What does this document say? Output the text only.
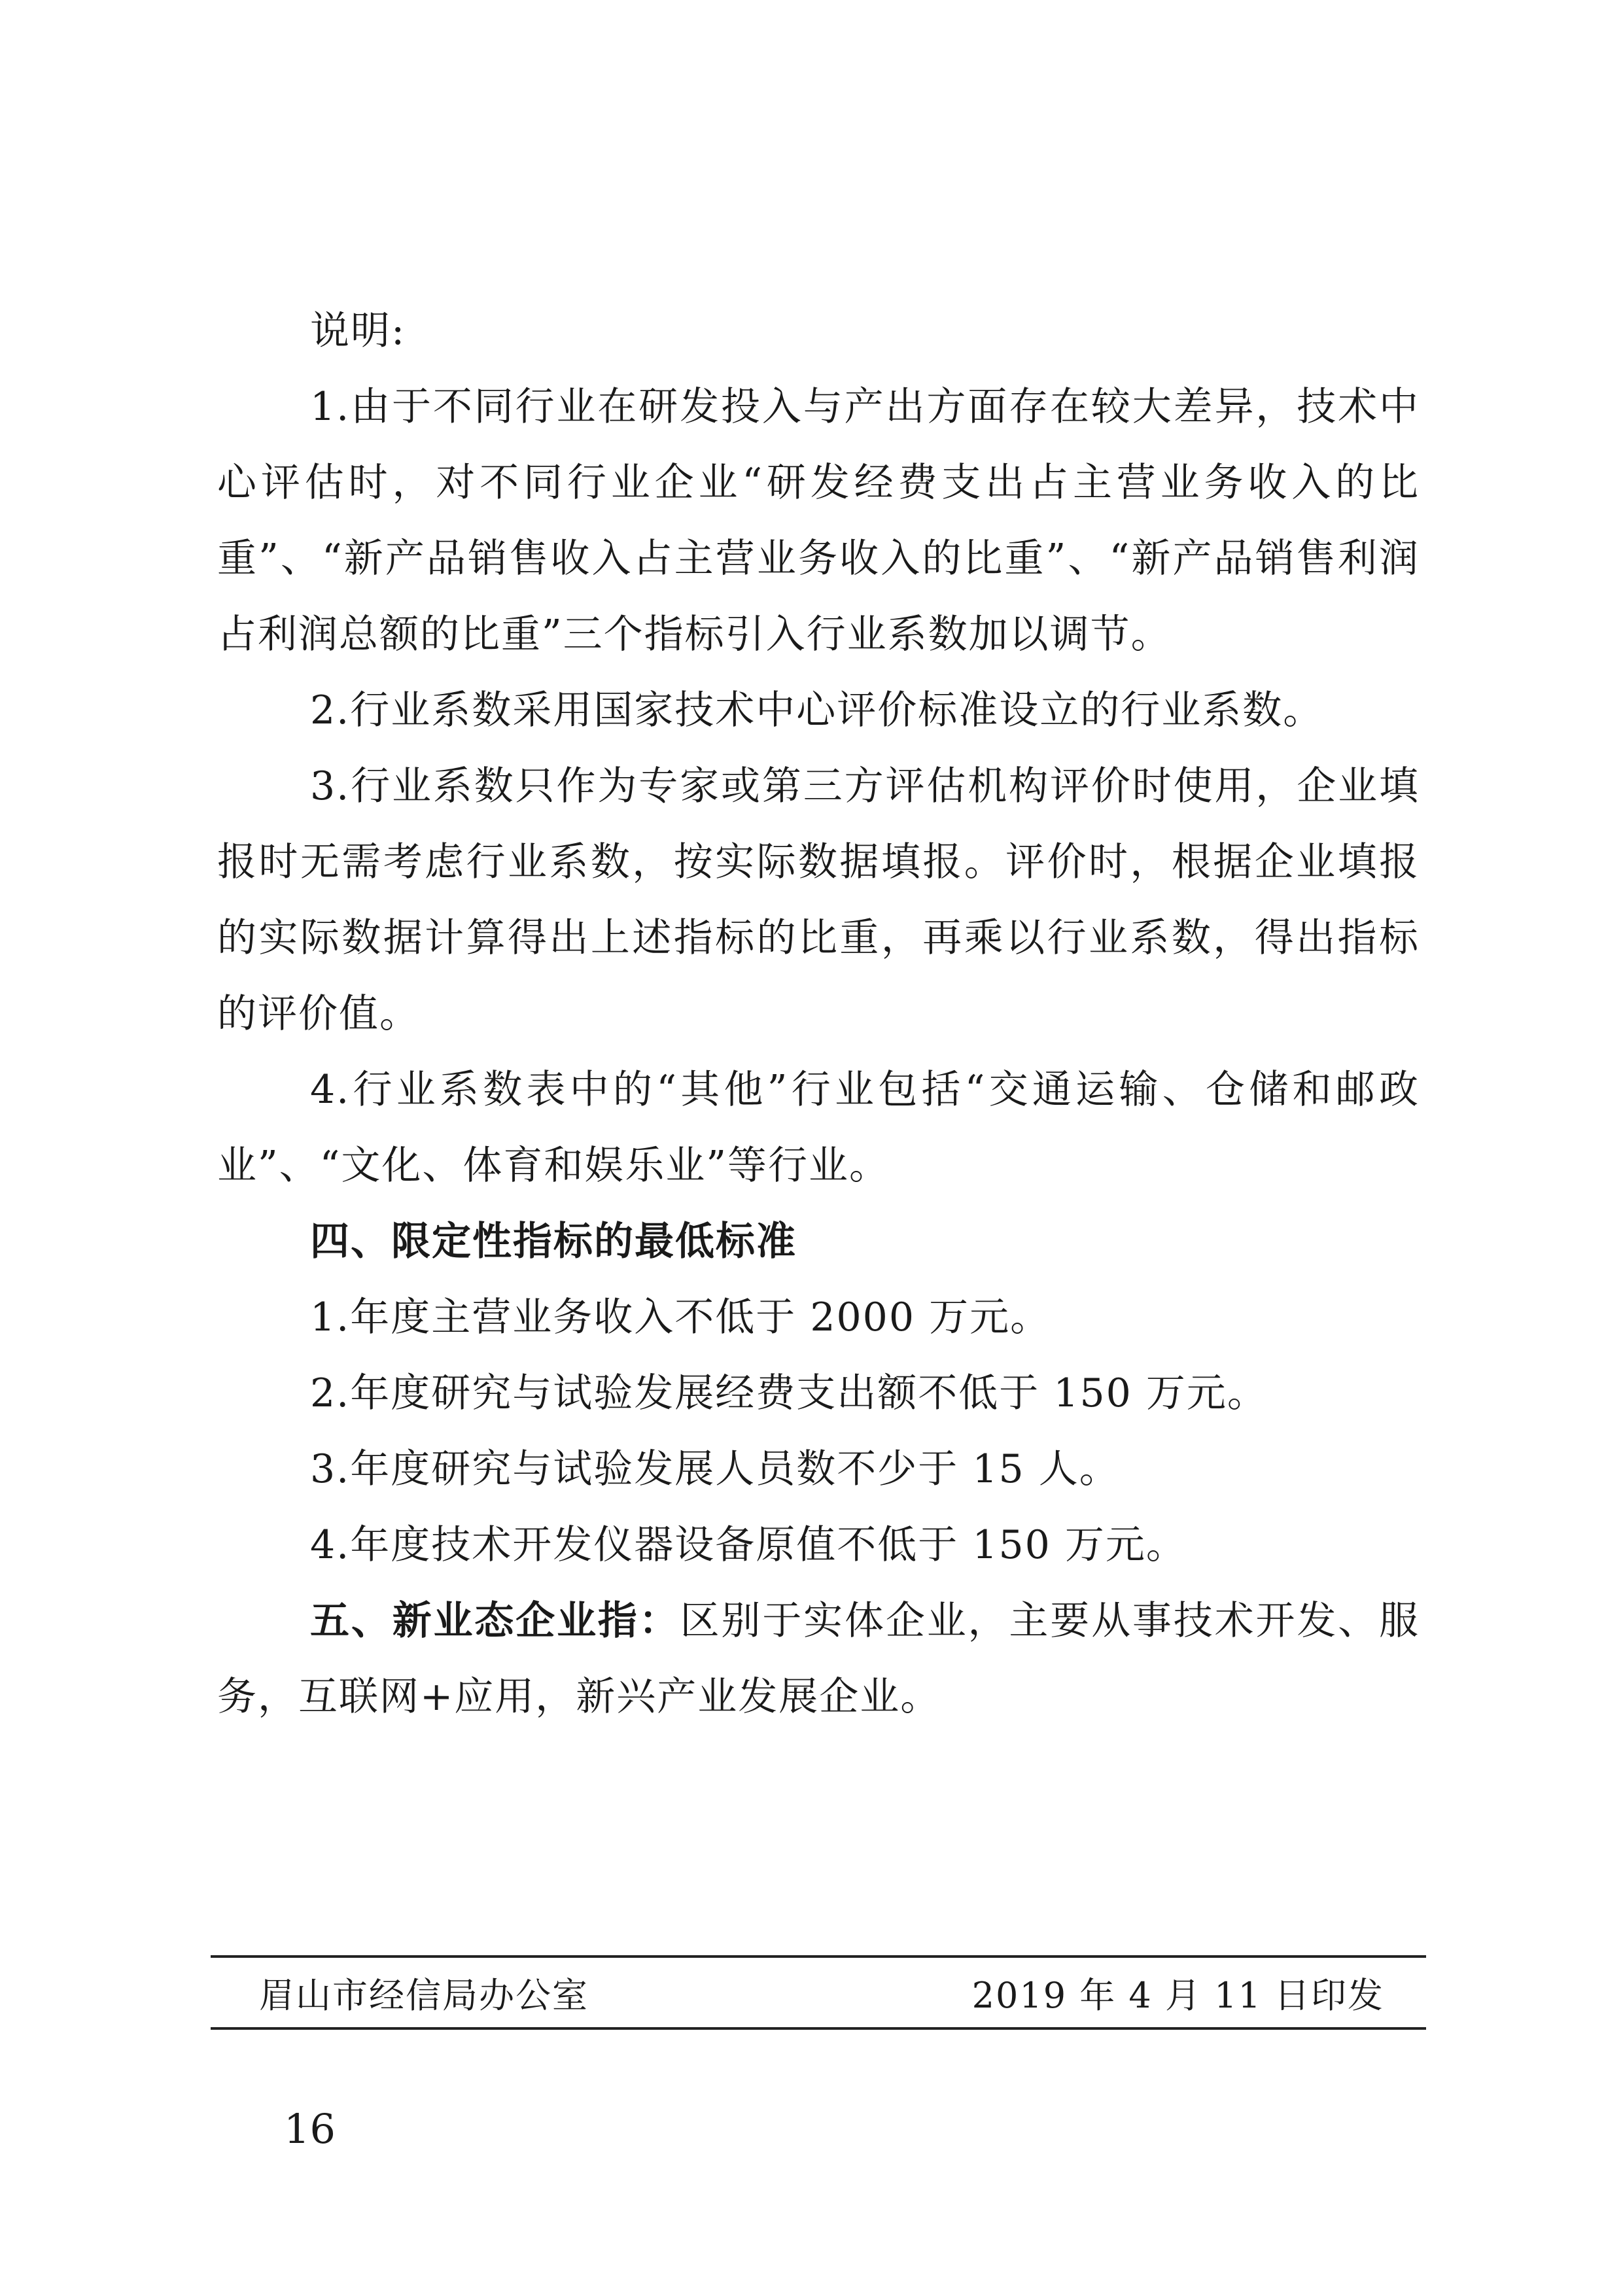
说明:

1.由于不同行业在研发投入与产出方面存在较大差异，技术中心评估时，对不同行业企业“研发经费支出占主营业务收入的比重”、“新产品销售收入占主营业务收入的比重”、“新产品销售利润占利润总额的比重”三个指标引入行业系数加以调节。

2.行业系数采用国家技术中心评价标准设立的行业系数。

3.行业系数只作为专家或第三方评估机构评价时使用，企业填报时无需考虑行业系数，按实际数据填报。评价时，根据企业填报的实际数据计算得出上述指标的比重，再乘以行业系数，得出指标的评价值。

4.行业系数表中的“其他”行业包括“交通运输、仓储和邮政业”、“文化、体育和娱乐业”等行业。

四、限定性指标的最低标准

1.年度主营业务收入不低于 2000 万元。

2.年度研究与试验发展经费支出额不低于 150 万元。

3.年度研究与试验发展人员数不少于 15 人。

4.年度技术开发仪器设备原值不低于 150 万元。

五、新业态企业指：区别于实体企业，主要从事技术开发、服务，互联网+应用，新兴产业发展企业。

眉山市经信局办公室	2019 年 4 月 11 日印发
16
